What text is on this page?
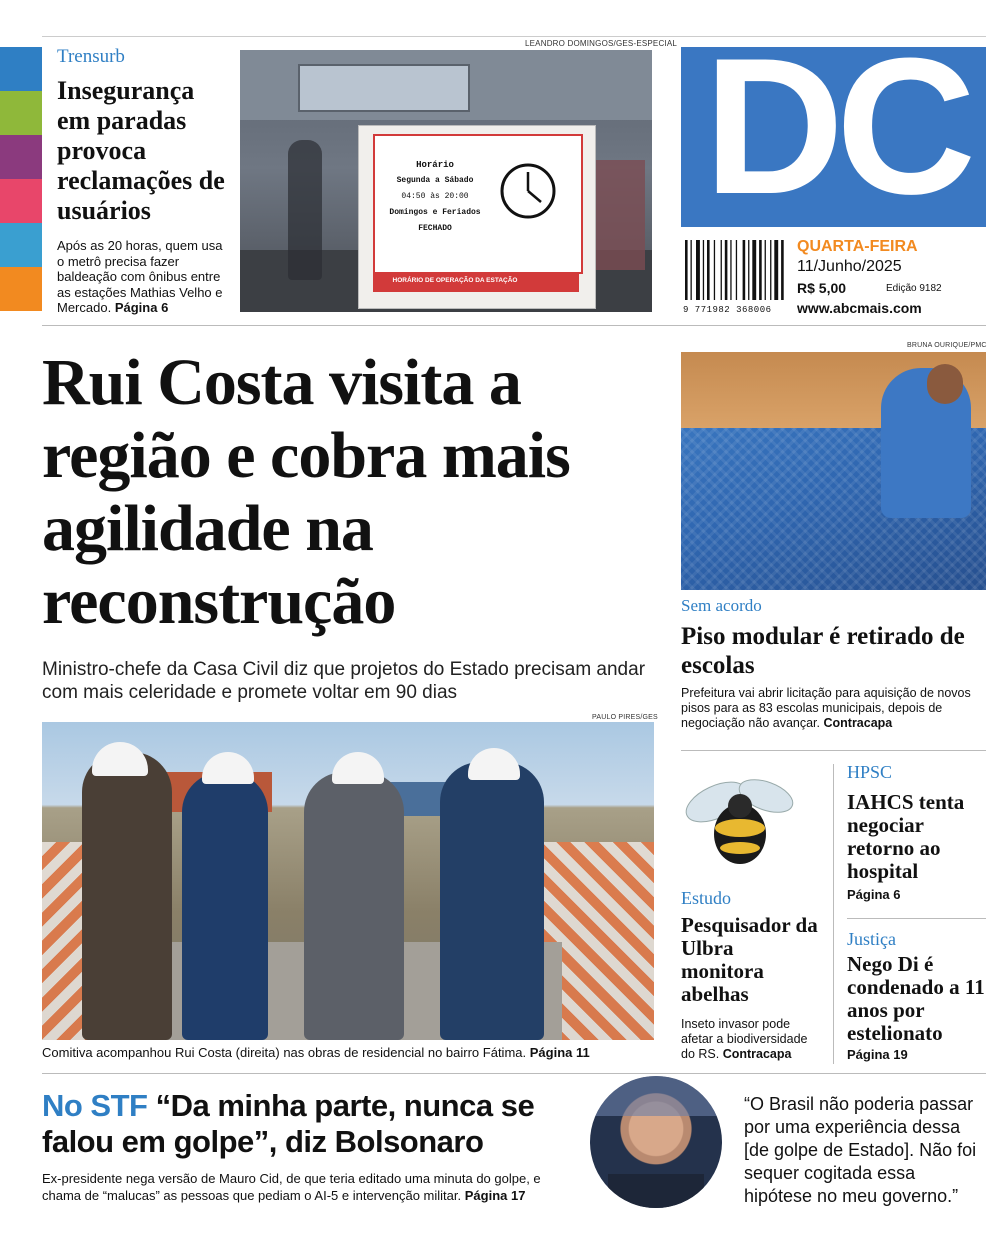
Trensurb
Insegurança em paradas provoca reclamações de usuários
Após as 20 horas, quem usa o metrô precisa fazer baldeação com ônibus entre as estações Mathias Velho e Mercado. Página 6
LEANDRO DOMINGOS/GES-ESPECIAL
Horário
Segunda a Sábado
04:50 às 20:00
Domingos e Feriados
FECHADO
HORÁRIO DE OPERAÇÃO DA ESTAÇÃO
DC
9 771982 368006
QUARTA-FEIRA
11/Junho/2025
R$ 5,00	Edição 9182
www.abcmais.com
Rui Costa visita a região e cobra mais agilidade na reconstrução
Ministro-chefe da Casa Civil diz que projetos do Estado precisam andar com mais celeridade e promete voltar em 90 dias
PAULO PIRES/GES
Comitiva acompanhou Rui Costa (direita) nas obras de residencial no bairro Fátima. Página 11
BRUNA OURIQUE/PMC
Sem acordo
Piso modular é retirado de escolas
Prefeitura vai abrir licitação para aquisição de novos pisos para as 83 escolas municipais, depois de negociação não avançar. Contracapa
Estudo
Pesquisador da Ulbra monitora abelhas
Inseto invasor pode afetar a biodiversidade do RS. Contracapa
HPSC
IAHCS tenta negociar retorno ao hospital
Página 6
Justiça
Nego Di é condenado a 11 anos por estelionato
Página 19
No STF “Da minha parte, nunca se falou em golpe”, diz Bolsonaro
Ex-presidente nega versão de Mauro Cid, de que teria editado uma minuta do golpe, e chama de “malucas” as pessoas que pediam o AI-5 e intervenção militar. Página 17
“O Brasil não poderia passar por uma experiência dessa [de golpe de Estado]. Não foi sequer cogitada essa hipótese no meu governo.”
